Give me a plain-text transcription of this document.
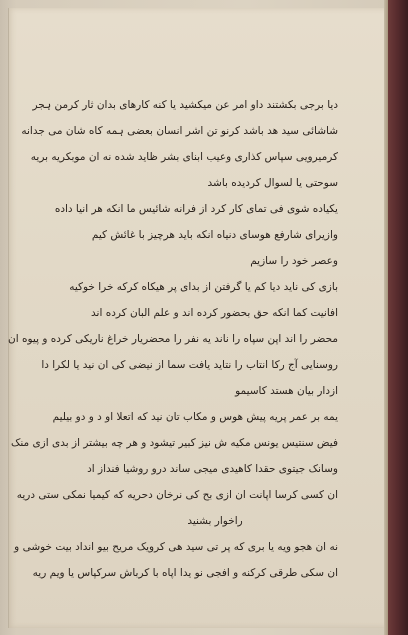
دیا برجی بکشتند داو امر عن میکشید یا کنه کارهای بدان ثار کرمن ہجر
شاشائی سید هد باشد کرنو تن اشر انسان بعضی ہمه کاه شان می جدانه
کرمیرویی سپاس کذاری وعیب ابنای بشر ظاید شده نه ان موبکریه بریه
سوحتی یا لسوال کردیده باشد
یکیاده شوی فی تمای کار کرد از فرانه شائیس ما انکه هر انیا داده
وازیرای شارفع هوسای دنیاه انکه باید هرچیز با غائش کیم
وعصر خود را سازیم
بازی کی ناید دیا کم یا گرفتن از بدای پر هیکاه کرکه خرا خوکیه
افانیت کما انکه حق بحضور کرده اند و علم البان کرده اند
محضر را اند اپن سپاه را ناند یه نفر را محضریار خراغ ناریکی کرده و پیوه ان
روسنایی آج رکا انتاب را نتاید یافت سما از نیضی کی ان نید یا لکرا دا
ازدار بیان هستد کاسیمو
یمه بر عمر پریه پیش هوس و مکاب تان نید که اتعلا او د و دو بیلیم
فیض سنتیس یونس مکیه ش نیز کبیر تیشود و هر چه بیشتر از بدی ازی منک
وسانک جیتوی حقدا کاهیدی میجی ساند درو روشیا فنداز اد
ان کسی کرسا اپانت ان ازی بح کی نرخان دحریه که کیمیا نمکی ستی دریه
راخوار بشنید
نه ان هجو ویه یا بری که پر تی سید هی کرویک مریح بیو انداد بیت خوشی و
ان سکی طرقی کرکنه و افجی نو یدا اپاه با کرباش سرکپاس یا ویم ریه
